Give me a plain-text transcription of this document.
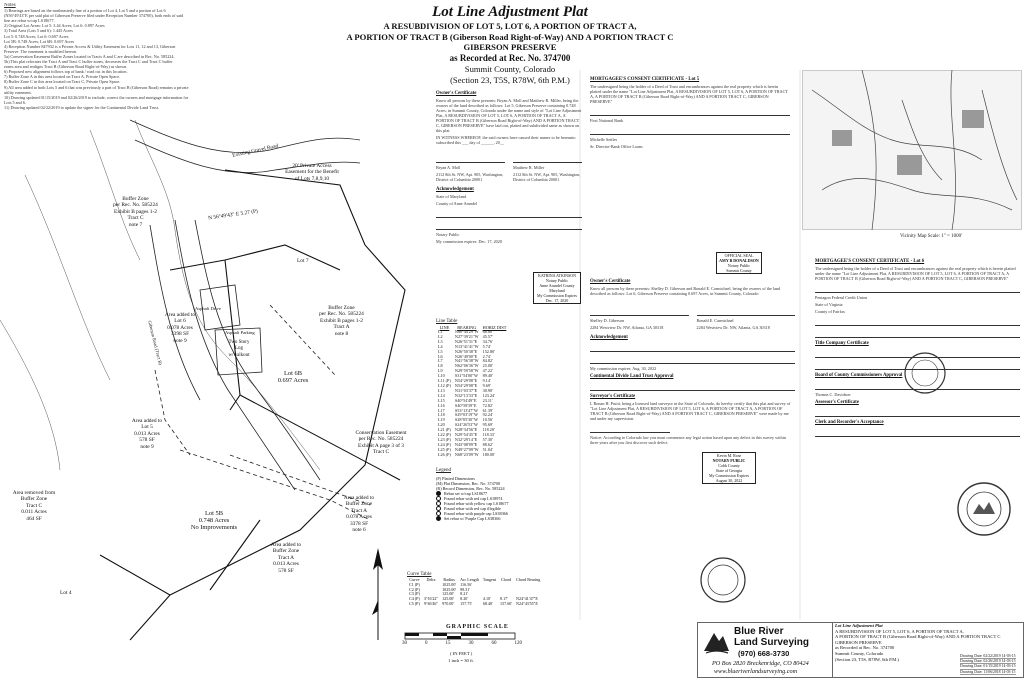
Notes
1) Bearings are based on the northeasterly line of a portion of Lot 4, Lot 5 and a portion of Lot 6
(N56°49'43"E per said plat of Giberson Preserve filed under Reception Number 374700), both ends of said
line are rebar w/cap LS18677.
2) Original Lot Areas: Lot 5: 3.44 Acres; Lot 6: 0.897 Acres
3) Total Area (Lots 5 and 6): 1.445 Acres
Lot 5: 0.748 Acres; Lot 6: 0.697 Acres
Lot 5B: 0.748 Acres; Lot 6B: 0.697 Acres
4) Reception Number 847932 is a Private Access & Utility Easement for Lots 11, 12 and 13, Giberson
Preserve. The easement is modified hereon.
5a) Conservation Easement Buffer Zones located in Tracts A and C are described in Rec. No. 585224.
5b) This plat relocates the Tract A and Tract C buffer zones, decreases the Tract C and Tract C buffer
zones area and realigns Tract B (Giberson Road Right-of-Way) as shown.
6) Proposed new alignment follows top of bank / road cut in this location.
7) Buffer Zone A in this area located on Tract A, Private Open Space.
8) Buffer Zone C in this area located on Tract C, Private Open Space.
9) All area added to both Lots 5 and 6 that was previously a part of Tract B (Giberson Road) remains a private
utility easement.
10) Drawing updated 01/15/2019 and 02/26/2019 to include, correct the owners and mortgage information for
Lots 5 and 6.
11) Drawing updated 02/22/2019 to update the signer for the Continental Divide Land Trust.
Lot Line Adjustment Plat
A RESUBDIVISION OF LOT 5, LOT 6, A PORTION OF TRACT A,
A PORTION OF TRACT B (Giberson Road Right-of-Way) AND A PORTION TRACT C
GIBERSON PRESERVE
as Recorded at Rec. No. 374700
Summit County, Colorado
(Section 23, T5S, R78W, 6th P.M.)
Area added to
Lot 6
0.078 Acres
3398 SF
note 9
Asphalt Drive
Asphalt Parking
Two Story
Log
w/walkout
Lot 6B
0.697 Acres
Lot 5B
0.748 Acres
No Improvements
Lot 7
Lot 4
N 56°49'43" E 5.27 (P)
Existing Gravel Road
Buffer Zone
per Rec. No. 585224
Exhibit B pages 1-2
Tract C
note 7
Buffer Zone
per Rec. No. 585224
Exhibit B pages 1-2
Tract A
note 8
Conservation Easement
per Rec. No. 585224
Exhibit A page 3 of 3
Tract C
20' Private Access
Easement for the Benefit
of Lots 7,8,9,10
Area added to
Lot 5
0.013 Acres
578 SF
note 9
Area added to
Buffer Zone
Tract A
0.078 Acres
3378 SF
note 6
Area added to
Buffer Zone
Tract A
0.013 Acres
578 SF
Area removed from
Buffer Zone
Tract C
0.011 Acres
464 SF
Giberson Road (Tract B)	Line Table
LINE	BEARING	HORIZ DIST
L1	N80°44'29"W	68.80'
L2	N27°39'21"W	45.57'
L3	N26°51'31"E	34.76'
L4	N13°41'41"W	5.74'
L5	N26°50'38"E	152.80'
L6	N26°49'00"E	2.74'
L7	N41°56'38"W	84.82'
L8	N62°06'36"W	25.00'
L9	N29°59'58"W	47.22'
L10	S31°54'00"W	89.40'
L11 (P)	N54°29'08"E	9.14'
L12 (P)	N54°29'08"E	9.69'
L13	N31°03'37"E	30.90'
L14	N32°13'33"E	123.24'
L15	S40°54'49"E	23.11'
L16	S40°58'39"E	72.82'
L17	S53°13'47"W	61.39'
L18	S29°03'19"W	92.24'
L19	S28°05'30"W	10.56'
L20	S24°26'53"W	95.69'
L21 (P)	N28°34'56"E	118.20'
L22 (P)	N29°54'45"E	118.33'
L23 (P)	N32°29'14"E	57.30'
L24 (P)	N43°08'09"E	88.62'
L25 (P)	N49°27'09"W	51.04'
L26 (P)	N68°23'09"W	180.00'
Legend
(P) Platted Dimensions
(M) Plat Dimension, Rec. No. 374700
(R) Record Dimension, Rec. No. 585224
Rebar set w/cap LS18677
Found rebar with red cap LS18974
Found rebar with yellow cap LS18677
Found rebar with red cap illegible
Found rebar with purple cap LS38366
Set rebar w/ Purple Cap LS38366
Curve Table
Curve	Delta	Radius	Arc Length	Tangent	Chord	Chord Bearing
C1 (P)		1025.00'	116.56'			
C2 (P)		1025.00'	98.31'			
C3 (P)		125.00'	8.21'			
C4 (P)	3°16'22"	125.00'	8.20'	4.10'	8.17'	N24°41'47"E
C5 (P)	9°46'46"	970.00'	157.75'	68.40'	157.60'	N24°43'55"E
GRAPHIC SCALE
30	0	15	30	60	120
( IN FEET )
1 inch = 30 ft.

Owner's Certificate

Know all persons by these presents: Bryan A. Moll and Matthew R. Miller, being the owners of the land described as follows: Lot 5, Giberson Preserve containing 0.748 Acres, in Summit County, Colorado under the name and style of "Lot Line Adjustment Plat, A RESUBDIVISION OF LOT 5, LOT 6, A PORTION OF TRACT A, A PORTION OF TRACT B (Giberson Road Right-of-Way) AND A PORTION TRACT C, GIBERSON PRESERVE" have laid out, platted and subdivided same as shown on this plat.

IN WITNESS WHEREOF, the said owners have caused their names to be hereunto subscribed this ___ day of ______, 20__

Bryan A. Moll

2112 8th St. NW, Apt. 905, Washington, District of Columbia 20001

Matthew R. Miller

2112 8th St. NW, Apt. 905, Washington, District of Columbia 20001

Acknowledgement

State of Maryland

County of Anne Arundel

Notary Public

My commission expires: Dec. 17, 2020

KATRINA ATKINSON
Notary Public
Anne Arundel County
Maryland
My Commission Expires Dec. 17, 2020

MORTGAGEE'S CONSENT CERTIFICATE - Lot 5

The undersigned being the holder of a Deed of Trust and encumbrances against the real property which is herein platted under the name "Lot Line Adjustment Plat, A RESUBDIVISION OF LOT 5, LOT 6, A PORTION OF TRACT A, A PORTION OF TRACT B (Giberson Road Right-of-Way) AND A PORTION TRACT C, GIBERSON PRESERVE"

First National Bank

Michelle Settles

Sr. Director-Bank Office Loans

OFFICIAL SEAL
AMY B DONALDSON
Notary Public
Summit County

Owner's Certificate

Know all persons by these presents: Shelley D. Giberson and Ronald E. Carmichael, being the owners of the land described as follows: Lot 6, Giberson Preserve containing 0.697 Acres, in Summit County, Colorado

Shelley D. Giberson

2284 Westview Dr. NW, Atlanta, GA 30318

Ronald E. Carmichael

2284 Westview Dr. NW, Atlanta, GA 30318

Acknowledgement

My commission expires: Aug. 30, 2022

Continental Divide Land Trust Approval

Surveyor's Certificate

I, Ronan H. Pruitt, being a licensed land surveyor in the State of Colorado, do hereby certify that this plat and survey of "Lot Line Adjustment Plat, A RESUBDIVISION OF LOT 5, LOT 6, A PORTION OF TRACT A, A PORTION OF TRACT B (Giberson Road Right-of-Way) AND A PORTION TRACT C, GIBERSON PRESERVE" were made by me and under my supervision.

Notice: According to Colorado law you must commence any legal action based upon any defect in this survey within three years after you first discover such defect.

Kevin M. Rose
NOTARY PUBLIC
Cobb County
State of Georgia
My Commission Expires August 30, 2022
Vicinity Map Scale: 1" = 1000'

MORTGAGEE'S CONSENT CERTIFICATE - Lot 6

The undersigned being the holder of a Deed of Trust and encumbrances against the real property which is herein platted under the name "Lot Line Adjustment Plat, A RESUBDIVISION OF LOT 5, LOT 6, A PORTION OF TRACT A, A PORTION OF TRACT B (Giberson Road Right-of-Way) AND A PORTION TRACT C, GIBERSON PRESERVE"

Pentagon Federal Credit Union

State of Virginia

County of Fairfax

Title Company Certificate

Board of County Commissioners Approval

Thomas C. Davidson

Assessor's Certificate

Clerk and Recorder's Acceptance

Blue River
Land Surveying
(970) 668-3730
PO Box 2820 Breckenridge, CO 80424
www.blueriverlandsurveying.com
Lot Line Adjustment Plat
A RESUBDIVISION OF LOT 5, LOT 6, A PORTION OF TRACT A,
A PORTION OF TRACT B (Giberson Road Right-of-Way) AND A PORTION TRACT C
GIBERSON PRESERVE
as Recorded at Rec. No. 374700
Summit County, Colorado
(Section 23, T5S, R78W, 6th P.M.)
Drawing Date: 02/22/2019 14-03-15
Drawing Date: 02/26/2019 14-03-15
Drawing Date: 01/15/2019 14-03-15
Drawing Date: 11/06/2018 14-03-15
